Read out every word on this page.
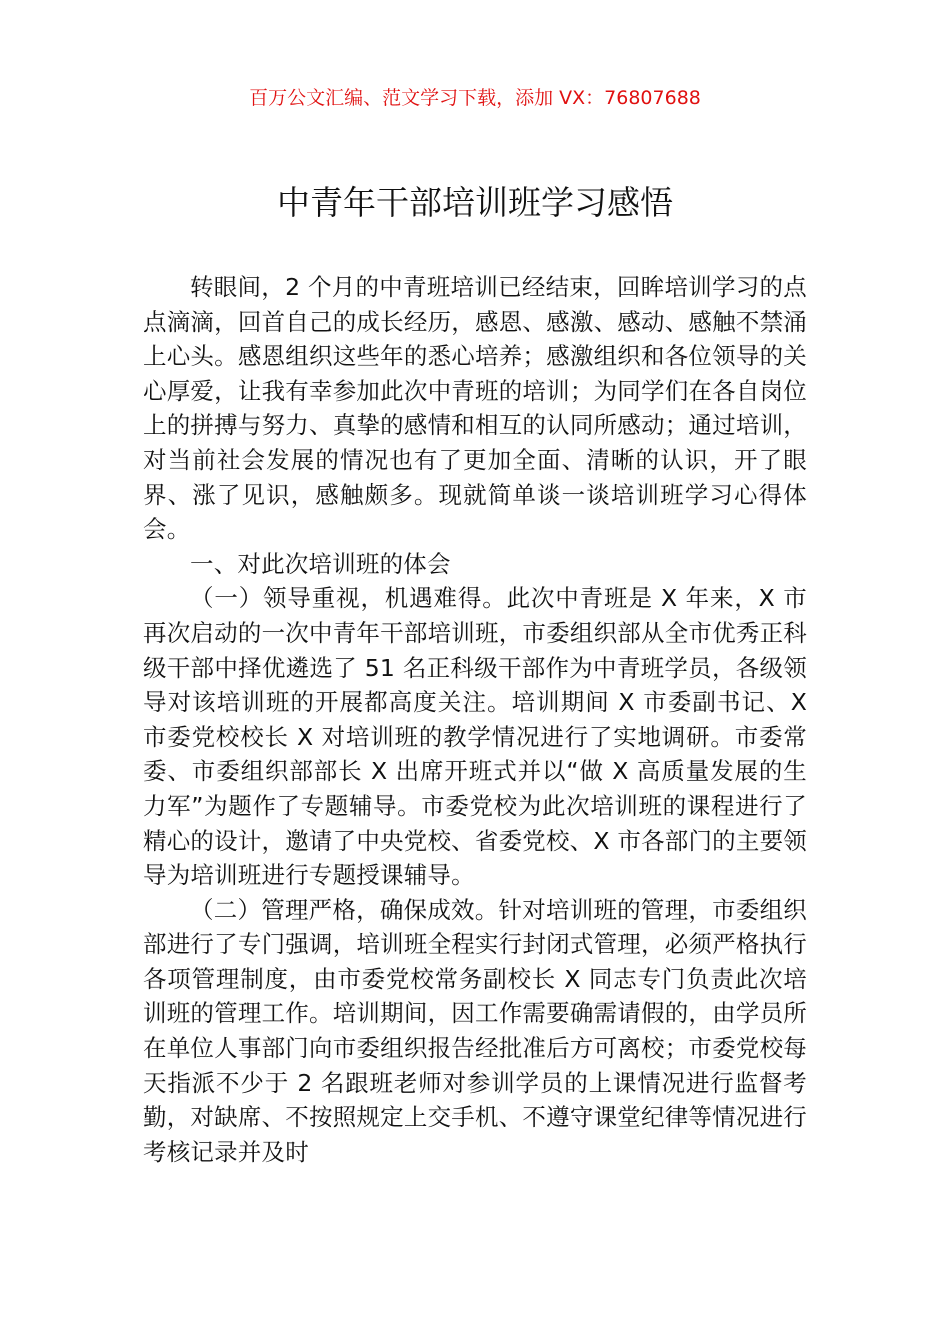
百万公文汇编、范文学习下载，添加 VX：76807688
中青年干部培训班学习感悟

转眼间，2 个月的中青班培训已经结束，回眸培训学习的点点滴滴，回首自己的成长经历，感恩、感激、感动、感触不禁涌上心头。感恩组织这些年的悉心培养；感激组织和各位领导的关心厚爱，让我有幸参加此次中青班的培训；为同学们在各自岗位上的拼搏与努力、真挚的感情和相互的认同所感动；通过培训，对当前社会发展的情况也有了更加全面、清晰的认识，开了眼界、涨了见识，感触颇多。现就简单谈一谈培训班学习心得体会。

一、对此次培训班的体会

（一）领导重视，机遇难得。此次中青班是 X 年来，X 市再次启动的一次中青年干部培训班，市委组织部从全市优秀正科级干部中择优遴选了 51 名正科级干部作为中青班学员，各级领导对该培训班的开展都高度关注。培训期间 X 市委副书记、X 市委党校校长 X 对培训班的教学情况进行了实地调研。市委常委、市委组织部部长 X 出席开班式并以“做 X 高质量发展的生力军”为题作了专题辅导。市委党校为此次培训班的课程进行了精心的设计，邀请了中央党校、省委党校、X 市各部门的主要领导为培训班进行专题授课辅导。

（二）管理严格，确保成效。针对培训班的管理，市委组织部进行了专门强调，培训班全程实行封闭式管理，必须严格执行各项管理制度，由市委党校常务副校长 X 同志专门负责此次培训班的管理工作。培训期间，因工作需要确需请假的，由学员所在单位人事部门向市委组织报告经批准后方可离校；市委党校每天指派不少于 2 名跟班老师对参训学员的上课情况进行监督考勤，对缺席、不按照规定上交手机、不遵守课堂纪律等情况进行考核记录并及时
